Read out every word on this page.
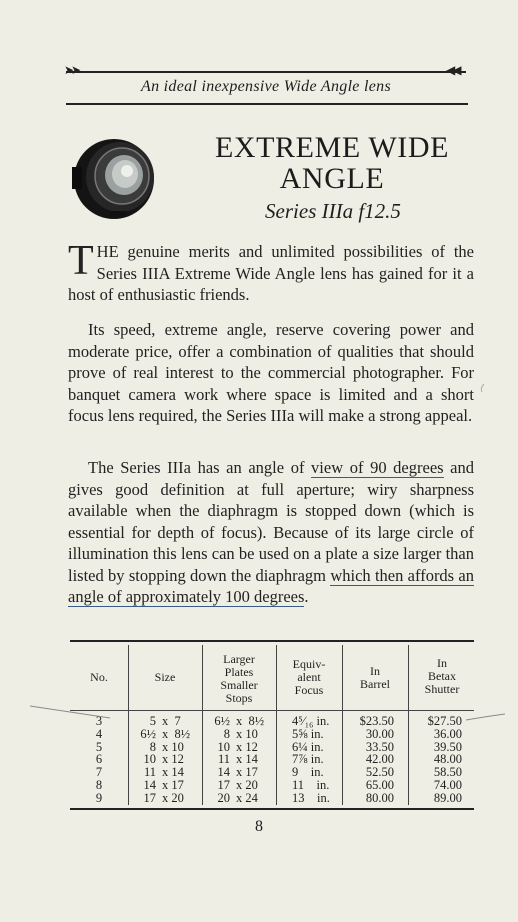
➤➤	◀◀
An ideal inexpensive Wide Angle lens
EXTREME WIDE
ANGLE
Series IIIa f12.5
THE genuine merits and unlimited possibilities of the Series IIIA Extreme Wide Angle lens has gained for it a host of enthusiastic friends.
Its speed, extreme angle, reserve covering power and moderate price, offer a combination of qualities that should prove of real interest to the commercial photographer. For banquet camera work where space is limited and a short focus lens required, the Series IIIa will make a strong appeal.
The Series IIIa has an angle of view of 90 degrees and gives good definition at full aperture; wiry sharpness available when the diaphragm is stopped down (which is essential for depth of focus). Because of its large circle of illumination this lens can be used on a plate a size larger than listed by stopping down the diaphragm which then affords an angle of approximately 100 degrees.
No.	Size
Larger
Plates
Smaller
Stops
Equiv-
alent
Focus
In
Barrel
In
Betax
Shutter
3
4
5
6
7
8
9
5
6½
8
10
11
14
17
x  7
x  8½
x 10
x 12
x 14
x 17
x 20
6½
8
10
11
14
17
20
x  8½
x 10
x 12
x 14
x 17
x 20
x 24
4⁵⁄₁₆ in.
5⅝ in.
6¼ in.
7⅞ in.
9    in.
11    in.
13    in.
$23.50
30.00
33.50
42.00
52.50
65.00
80.00
$27.50
36.00
39.50
48.00
58.50
74.00
89.00
8
